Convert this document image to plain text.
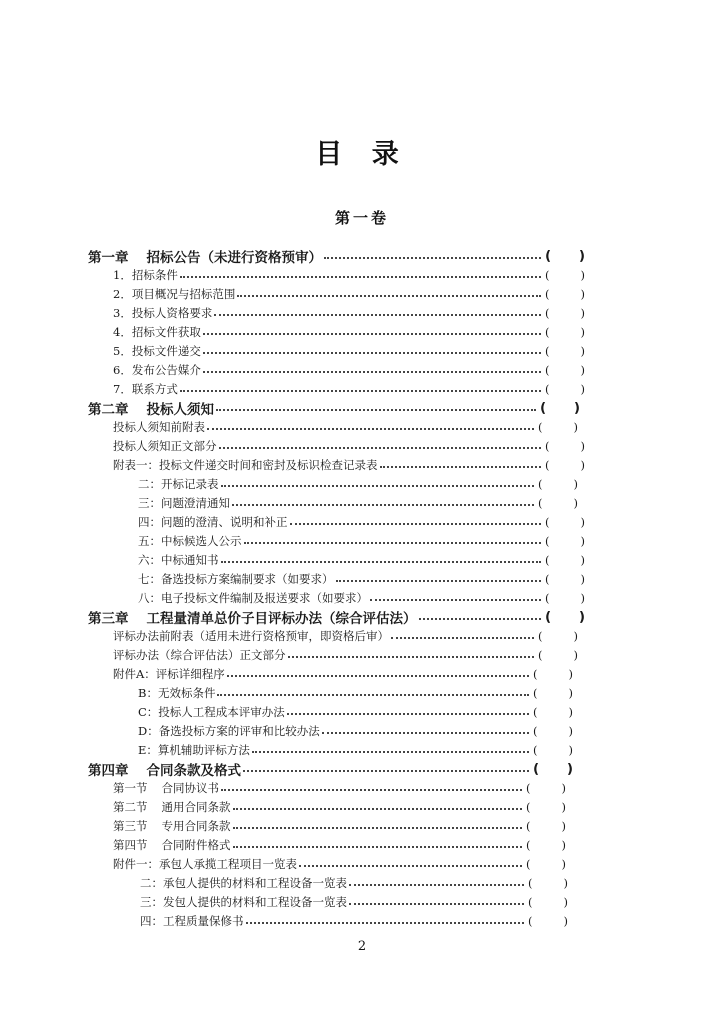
目 录
第一卷
第一章 招标公告（未进行资格预审）	( )
1．招标条件	(	)
2．项目概况与招标范围	(	)
3．投标人资格要求	(	)
4．招标文件获取	(	)
5．投标文件递交	(	)
6．发布公告媒介	(	)
7．联系方式	(	)
第二章 投标人须知	( )
投标人须知前附表	(	)
投标人须知正文部分	(	)
附表一：投标文件递交时间和密封及标识检查记录表	(	)
二：开标记录表	(	)
三：问题澄清通知	(	)
四：问题的澄清、说明和补正	(	)
五：中标候选人公示	(	)
六：中标通知书	(	)
七：备选投标方案编制要求（如要求）	(	)
八：电子投标文件编制及报送要求（如要求）	(	)
第三章 工程量清单总价子目评标办法（综合评估法）	( )
评标办法前附表（适用未进行资格预审，即资格后审）	(	)
评标办法（综合评估法）正文部分	(	)
附件A：评标详细程序	(	)
B：无效标条件	(	)
C：投标人工程成本评审办法	(	)
D：备选投标方案的评审和比较办法	(	)
E：算机辅助评标方法	(	)
第四章 合同条款及格式	( )
第一节 合同协议书	(	)
第二节 通用合同条款	(	)
第三节 专用合同条款	(	)
第四节 合同附件格式	(	)
附件一：承包人承揽工程项目一览表	(	)
二：承包人提供的材料和工程设备一览表	(	)
三：发包人提供的材料和工程设备一览表	(	)
四：工程质量保修书	(	)
2
